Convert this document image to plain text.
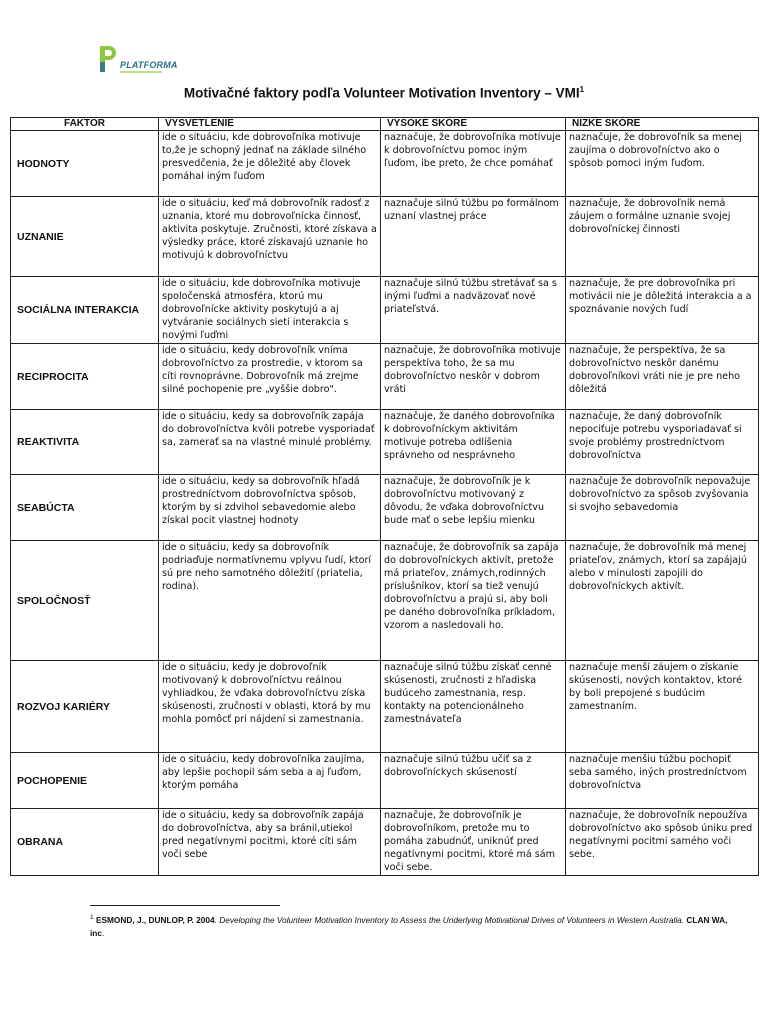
PLATFORMA
Motivačné faktory podľa Volunteer Motivation Inventory – VMI$^1$
FAKTOR	VYSVETLENIE	VYSOKÉ SKÓRE	NÍZKE SKÓRE
HODNOTY	ide o situáciu, kde dobrovoľníka motivuje to,že je schopný jednať na základe silného presvedčenia, že je dôležité aby človek pomáhal iným ľuďom	naznačuje, že dobrovoľníka motivuje k dobrovoľníctvu pomoc iným ľuďom, ibe preto, že chce pomáhať	naznačuje, že dobrovoľník sa menej zaujíma o dobrovoľníctvo ako o spôsob pomoci iným ľuďom.
UZNANIE	ide o situáciu, keď má dobrovoľník radosť z uznania, ktoré mu dobrovoľnícka činnosť, aktivita poskytuje. Zručnosti, ktoré získava a výsledky práce, ktoré získavajú uznanie ho motivujú k dobrovoľníctvu	naznačuje silnú túžbu po formálnom uznaní vlastnej práce	naznačuje, že dobrovoľník nemá záujem o formálne uznanie svojej dobrovoľníckej činnosti
SOCIÁLNA INTERAKCIA	ide o situáciu, kde dobrovoľníka motivuje spoločenská atmosféra, ktorú mu dobrovoľnícke aktivity poskytujú a aj vytváranie sociálnych sietí interakcia s novými ľuďmi	naznačuje silnú túžbu stretávať sa s inými ľuďmi a nadväzovať nové priateľstvá.	naznačuje, že pre dobrovoľníka pri motivácii nie je dôležitá interakcia a a spoznávanie nových ľudí
RECIPROCITA	ide o situáciu, kedy dobrovoľník vníma dobrovoľníctvo za prostredie, v ktorom sa cíti rovnoprávne. Dobrovoľník má zrejme silné pochopenie pre „vyššie dobro".	naznačuje, že dobrovoľníka motivuje perspektíva toho, že sa mu dobrovoľníctvo neskôr v dobrom vráti	naznačuje, že perspektíva, že sa dobrovoľníctvo neskôr danému dobrovoľníkovi vráti nie je pre neho dôležitá
REAKTIVITA	ide o situáciu, kedy sa dobrovoľník zapája do dobrovoľníctva kvôli potrebe vysporiadať sa, zamerať sa na vlastné minulé problémy.	naznačuje, že daného dobrovoľníka k dobrovoľníckym aktivitám motivuje potreba odlíšenia správneho od nesprávneho	naznačuje, že daný dobrovoľník nepociťuje potrebu vysporiadavať si svoje problémy prostredníctvom dobrovoľníctva
SEABÚCTA	ide o situáciu, kedy sa dobrovoľník hľadá prostredníctvom dobrovoľníctva spôsob, ktorým by si zdvihol sebavedomie alebo získal pocit vlastnej hodnoty	naznačuje, že dobrovoľník je k dobrovoľníctvu motivovaný z dôvodu, že vďaka dobrovoľníctvu bude mať o sebe lepšiu mienku	naznačuje že dobrovoľník nepovažuje dobrovoľníctvo za spôsob zvyšovania si svojho sebavedomia
SPOLOČNOSŤ	ide o situáciu, kedy sa dobrovoľník podriaďuje normatívnemu vplyvu ľudí, ktorí sú pre neho samotného dôležití (priatelia, rodina).	naznačuje, že dobrovoľník sa zapája do dobrovoľníckych aktivít, pretože má priateľov, známych,rodinných príslušníkov, ktorí sa tiež venujú dobrovoľníctvu a prajú si, aby boli pe daného dobrovoľníka príkladom, vzorom a nasledovali ho.	naznačuje, že dobrovoľník má menej priateľov, známych, ktorí sa zapájajú alebo v minulosti zapojili do dobrovoľníckych aktivít.
ROZVOJ KARIÉRY	ide o situáciu, kedy je dobrovoľník motivovaný k dobrovoľníctvu reálnou vyhliadkou, že vďaka dobrovoľníctvu získa skúsenosti, zručnosti v oblasti, ktorá by mu mohla pomôcť pri nájdení si zamestnania.	naznačuje silnú túžbu získať cenné skúsenosti, zručnosti z hľadiska budúceho zamestnania, resp. kontakty na potencionálneho zamestnávateľa	naznačuje menší záujem o získanie skúsenosti, nových kontaktov, ktoré by boli prepojené s budúcim zamestnaním.
POCHOPENIE	ide o situáciu, kedy dobrovoľníka zaujíma, aby lepšie pochopil sám seba a aj ľuďom, ktorým pomáha	naznačuje silnú túžbu učiť sa z dobrovoľníckych skúseností	naznačuje menšiu túžbu pochopiť seba samého, iných prostredníctvom dobrovoľníctva
OBRANA	ide o situáciu, kedy sa dobrovoľník zapája do dobrovoľníctva, aby sa bránil,utiekol pred negatívnymi pocitmi, ktoré cíti sám voči sebe	naznačuje, že dobrovoľník je dobrovoľníkom, pretože mu to pomáha zabudnúť, uniknúť pred negatívnymi pocitmi, ktoré má sám voči sebe.	naznačuje, že dobrovoľník nepoužíva dobrovoľníctvo ako spôsob úniku pred negatívnymi pocitmi samého voči sebe.
$^1$ ESMOND, J., DUNLOP, P. 2004. Developing the Volunteer Motivation Inventory to Assess the Underlying Motivational Drives of Volunteers in Western Australia. CLAN WA, inc.
